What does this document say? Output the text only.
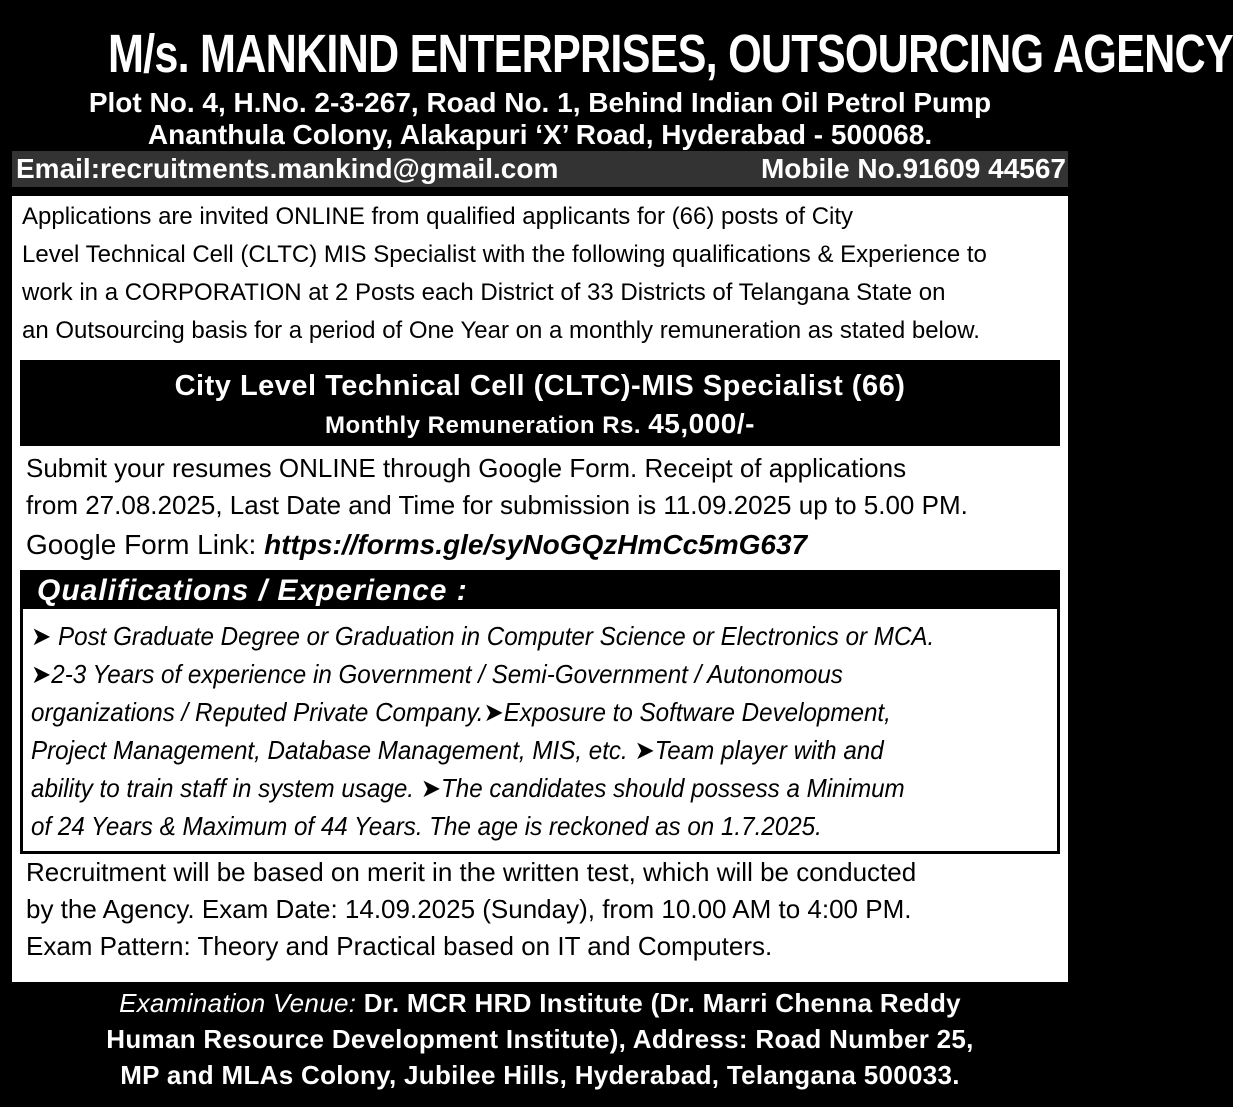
M/s. MANKIND ENTERPRISES, OUTSOURCING AGENCY
Plot No. 4, H.No. 2-3-267, Road No. 1, Behind Indian Oil Petrol Pump
Ananthula Colony, Alakapuri ‘X’ Road, Hyderabad - 500068.
Email:recruitments.mankind@gmail.com	Mobile No.91609 44567
Applications are invited ONLINE from qualified applicants for (66) posts of City
Level Technical Cell (CLTC) MIS Specialist with the following qualifications & Experience to
work in a CORPORATION at 2 Posts each District of 33 Districts of Telangana State on
an Outsourcing basis for a period of One Year on a monthly remuneration as stated below.
City Level Technical Cell (CLTC)-MIS Specialist (66)
Monthly Remuneration Rs. 45,000/-
Submit your resumes ONLINE through Google Form. Receipt of applications
from 27.08.2025, Last Date and Time for submission is 11.09.2025 up to 5.00 PM.
Google Form Link: https://forms.gle/syNoGQzHmCc5mG637
Qualifications / Experience :
➤ Post Graduate Degree or Graduation in Computer Science or Electronics or MCA.
➤2-3 Years of experience in Government / Semi-Government / Autonomous
organizations / Reputed Private Company.➤Exposure to Software Development,
Project Management, Database Management, MIS, etc. ➤Team player with and
ability to train staff in system usage. ➤The candidates should possess a Minimum
of 24 Years & Maximum of 44 Years. The age is reckoned as on 1.7.2025.
Recruitment will be based on merit in the written test, which will be conducted
by the Agency. Exam Date: 14.09.2025 (Sunday), from 10.00 AM to 4:00 PM.
Exam Pattern: Theory and Practical based on IT and Computers.
Examination Venue: Dr. MCR HRD Institute (Dr. Marri Chenna Reddy
Human Resource Development Institute), Address: Road Number 25,
MP and MLAs Colony, Jubilee Hills, Hyderabad, Telangana 500033.
